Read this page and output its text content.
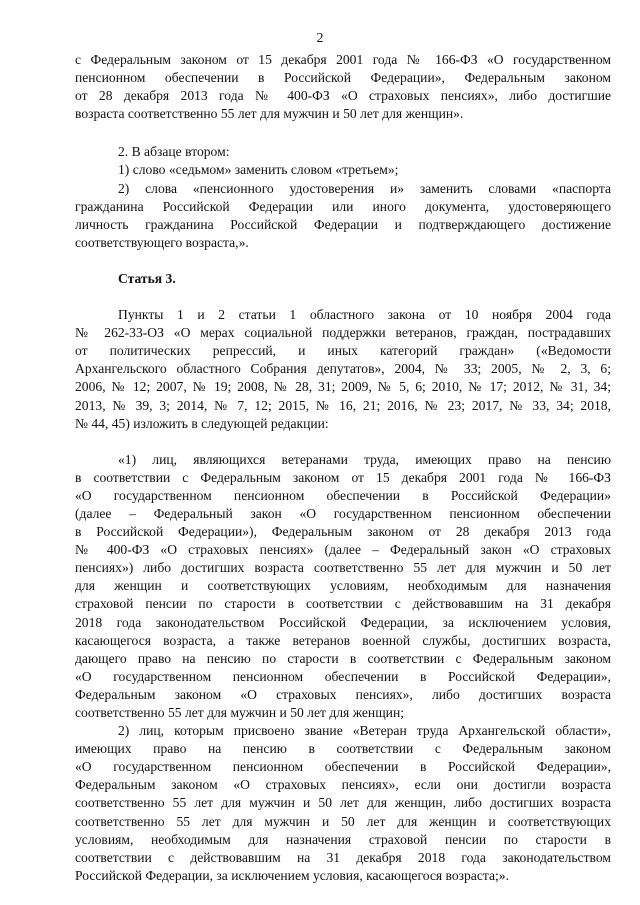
2
с Федеральным законом от 15 декабря 2001 года № 166-ФЗ «О государственном
пенсионном обеспечении в Российской Федерации», Федеральным законом
от 28 декабря 2013 года № 400-ФЗ «О страховых пенсиях», либо достигшие
возраста соответственно 55 лет для мужчин и 50 лет для женщин».
2. В абзаце втором:
1) слово «седьмом» заменить словом «третьем»;
2) слова «пенсионного удостоверения и» заменить словами «паспорта
гражданина Российской Федерации или иного документа, удостоверяющего
личность гражданина Российской Федерации и подтверждающего достижение
соответствующего возраста,».
Статья 3.
Пункты 1 и 2 статьи 1 областного закона от 10 ноября 2004 года
№ 262-33-ОЗ «О мерах социальной поддержки ветеранов, граждан, пострадавших
от политических репрессий, и иных категорий граждан» («Ведомости
Архангельского областного Собрания депутатов», 2004, № 33; 2005, № 2, 3, 6;
2006, № 12; 2007, № 19; 2008, № 28, 31; 2009, № 5, 6; 2010, № 17; 2012, № 31, 34;
2013, № 39, 3; 2014, № 7, 12; 2015, № 16, 21; 2016, № 23; 2017, № 33, 34; 2018,
№ 44, 45) изложить в следующей редакции:
«1) лиц, являющихся ветеранами труда, имеющих право на пенсию
в соответствии с Федеральным законом от 15 декабря 2001 года № 166-ФЗ
«О государственном пенсионном обеспечении в Российской Федерации»
(далее – Федеральный закон «О государственном пенсионном обеспечении
в Российской Федерации»), Федеральным законом от 28 декабря 2013 года
№ 400-ФЗ «О страховых пенсиях» (далее – Федеральный закон «О страховых
пенсиях») либо достигших возраста соответственно 55 лет для мужчин и 50 лет
для женщин и соответствующих условиям, необходимым для назначения
страховой пенсии по старости в соответствии с действовавшим на 31 декабря
2018 года законодательством Российской Федерации, за исключением условия,
касающегося возраста, а также ветеранов военной службы, достигших возраста,
дающего право на пенсию по старости в соответствии с Федеральным законом
«О государственном пенсионном обеспечении в Российской Федерации»,
Федеральным законом «О страховых пенсиях», либо достигших возраста
соответственно 55 лет для мужчин и 50 лет для женщин;
2) лиц, которым присвоено звание «Ветеран труда Архангельской области»,
имеющих право на пенсию в соответствии с Федеральным законом
«О государственном пенсионном обеспечении в Российской Федерации»,
Федеральным законом «О страховых пенсиях», если они достигли возраста
соответственно 55 лет для мужчин и 50 лет для женщин, либо достигших возраста
соответственно 55 лет для мужчин и 50 лет для женщин и соответствующих
условиям, необходимым для назначения страховой пенсии по старости в
соответствии с действовавшим на 31 декабря 2018 года законодательством
Российской Федерации, за исключением условия, касающегося возраста;».
